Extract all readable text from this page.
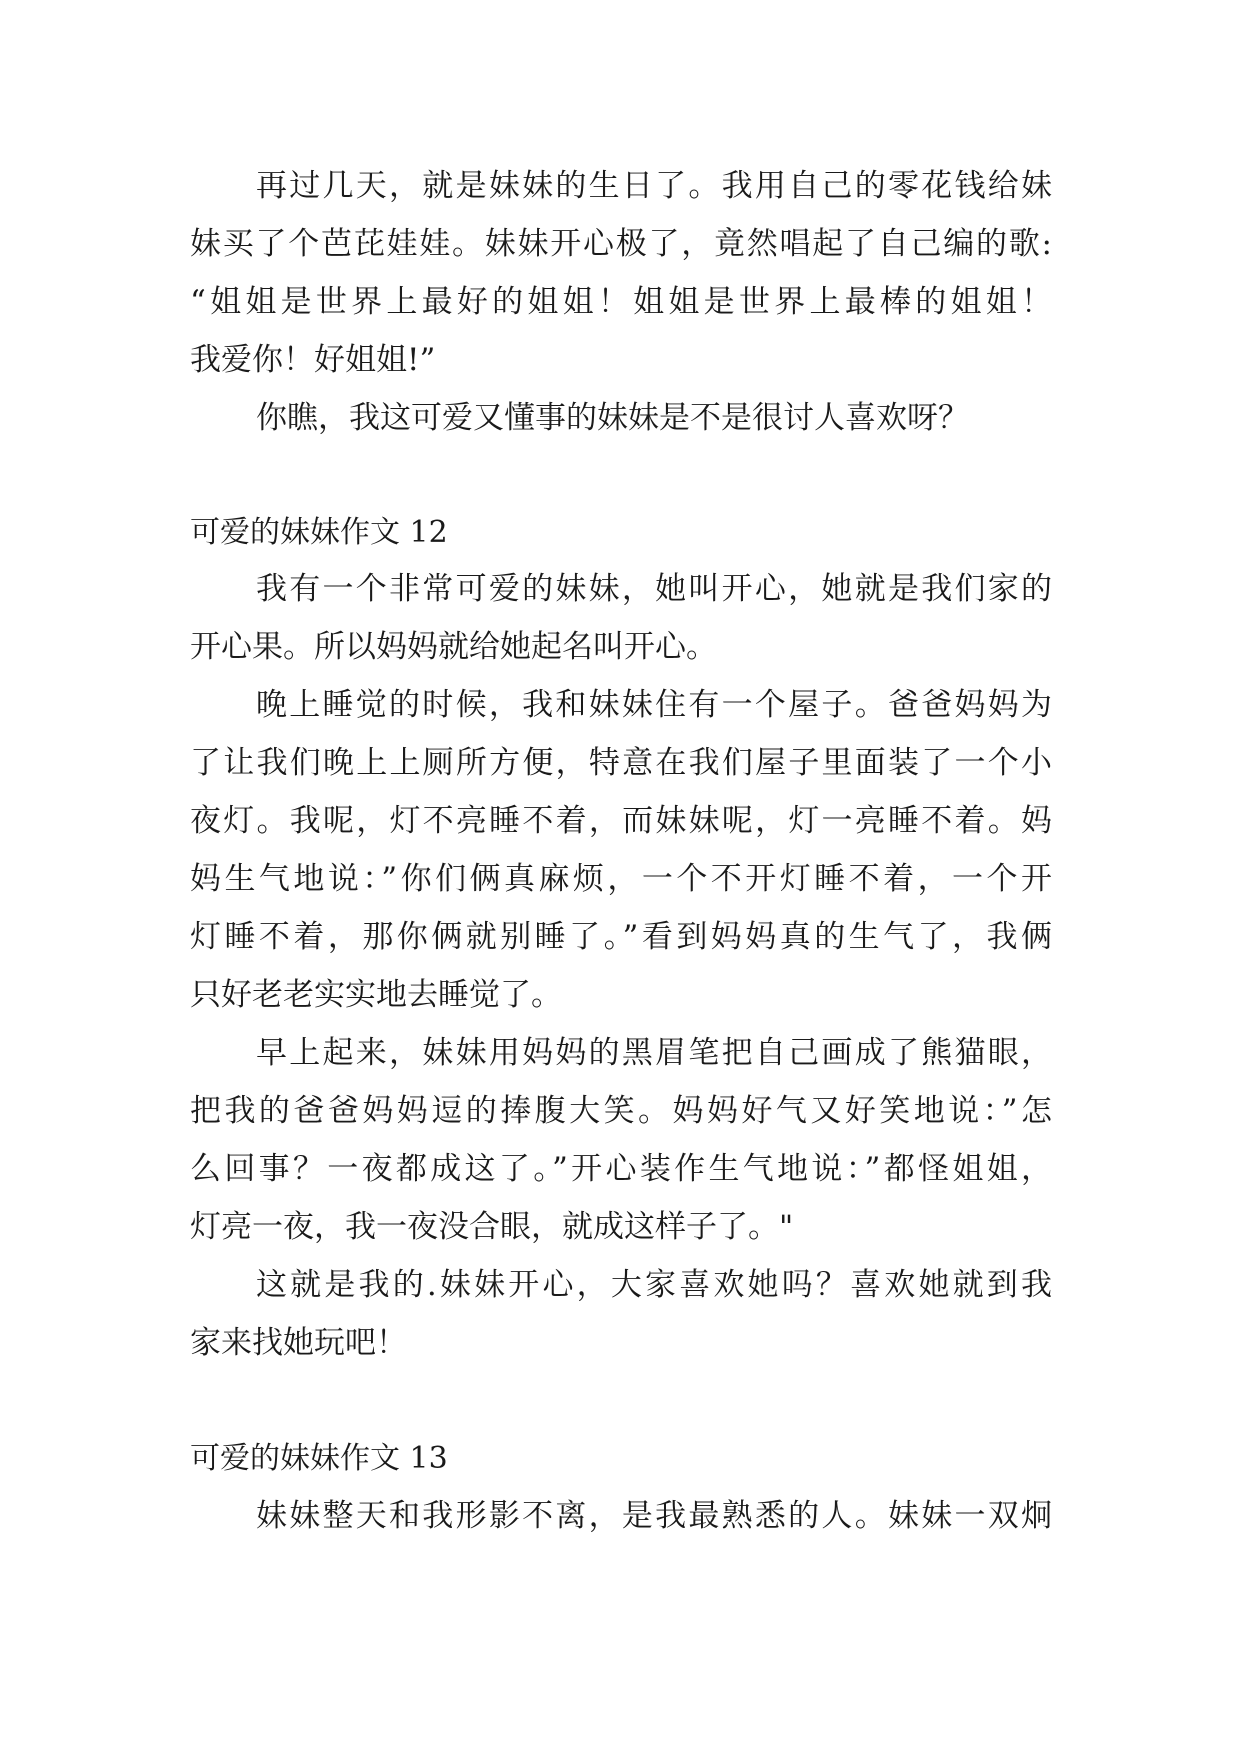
再过几天，就是妹妹的生日了。我用自己的零花钱给妹
妹买了个芭芘娃娃。妹妹开心极了，竟然唱起了自己编的歌:
“姐姐是世界上最好的姐姐！姐姐是世界上最棒的姐姐！
我爱你！好姐姐!”
你瞧，我这可爱又懂事的妹妹是不是很讨人喜欢呀？
可爱的妹妹作文 12
我有一个非常可爱的妹妹，她叫开心，她就是我们家的
开心果。所以妈妈就给她起名叫开心。
晚上睡觉的时候，我和妹妹住有一个屋子。爸爸妈妈为
了让我们晚上上厕所方便，特意在我们屋子里面装了一个小
夜灯。我呢，灯不亮睡不着，而妹妹呢，灯一亮睡不着。妈
妈生气地说：”你们俩真麻烦，一个不开灯睡不着，一个开
灯睡不着，那你俩就别睡了。”看到妈妈真的生气了，我俩
只好老老实实地去睡觉了。
早上起来，妹妹用妈妈的黑眉笔把自己画成了熊猫眼，
把我的爸爸妈妈逗的捧腹大笑。妈妈好气又好笑地说：”怎
么回事？一夜都成这了。”开心装作生气地说：”都怪姐姐，
灯亮一夜，我一夜没合眼，就成这样子了。"
这就是我的.妹妹开心，大家喜欢她吗？喜欢她就到我
家来找她玩吧！
可爱的妹妹作文 13
妹妹整天和我形影不离，是我最熟悉的人。妹妹一双炯
